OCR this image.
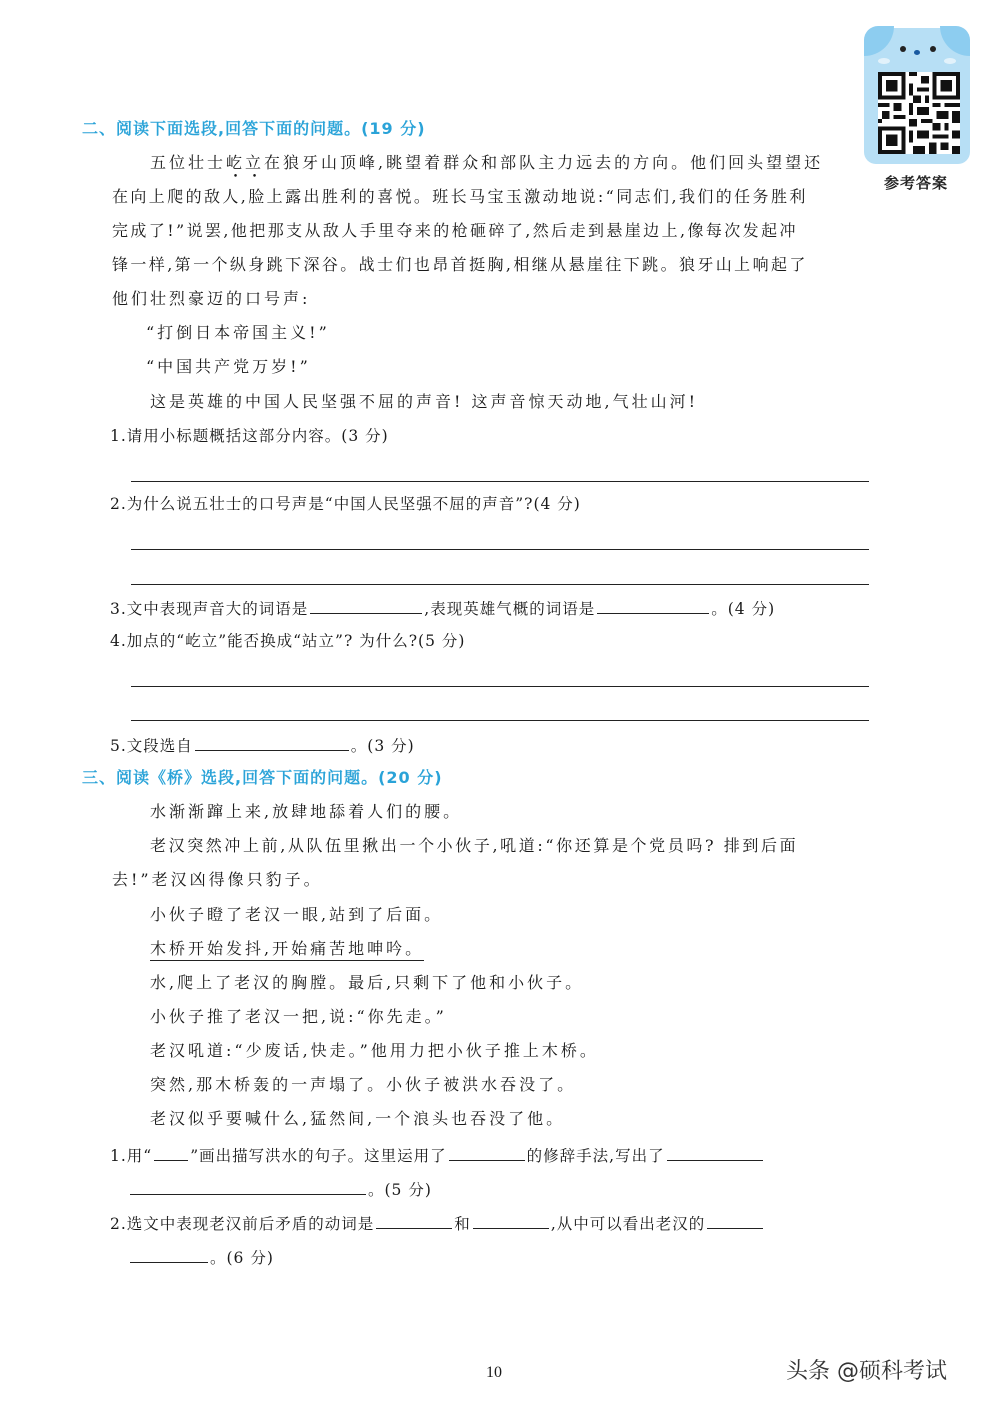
参考答案
二、阅读下面选段,回答下面的问题。(19 分)
五位壮士屹立在狼牙山顶峰,眺望着群众和部队主力远去的方向。他们回头望望还
在向上爬的敌人,脸上露出胜利的喜悦。班长马宝玉激动地说:“同志们,我们的任务胜利
完成了!”说罢,他把那支从敌人手里夺来的枪砸碎了,然后走到悬崖边上,像每次发起冲
锋一样,第一个纵身跳下深谷。战士们也昂首挺胸,相继从悬崖往下跳。狼牙山上响起了
他们壮烈豪迈的口号声:
“打倒日本帝国主义!”
“中国共产党万岁!”
这是英雄的中国人民坚强不屈的声音! 这声音惊天动地,气壮山河!
1.请用小标题概括这部分内容。(3 分)
2.为什么说五壮士的口号声是“中国人民坚强不屈的声音”?(4 分)
3.文中表现声音大的词语是	,表现英雄气概的词语是	。(4 分)
4.加点的“屹立”能否换成“站立”? 为什么?(5 分)
5.文段选自	。(3 分)
三、阅读《桥》选段,回答下面的问题。(20 分)
水渐渐蹿上来,放肆地舔着人们的腰。
老汉突然冲上前,从队伍里揪出一个小伙子,吼道:“你还算是个党员吗? 排到后面
去!”老汉凶得像只豹子。
小伙子瞪了老汉一眼,站到了后面。
木桥开始发抖,开始痛苦地呻吟。
水,爬上了老汉的胸膛。最后,只剩下了他和小伙子。
小伙子推了老汉一把,说:“你先走。”
老汉吼道:“少废话,快走。”他用力把小伙子推上木桥。
突然,那木桥轰的一声塌了。小伙子被洪水吞没了。
老汉似乎要喊什么,猛然间,一个浪头也吞没了他。
1.用“ ”画出描写洪水的句子。这里运用了	的修辞手法,写出了
。(5 分)
2.选文中表现老汉前后矛盾的动词是	和	,从中可以看出老汉的
。(6 分)
10	头条 @硕科考试
